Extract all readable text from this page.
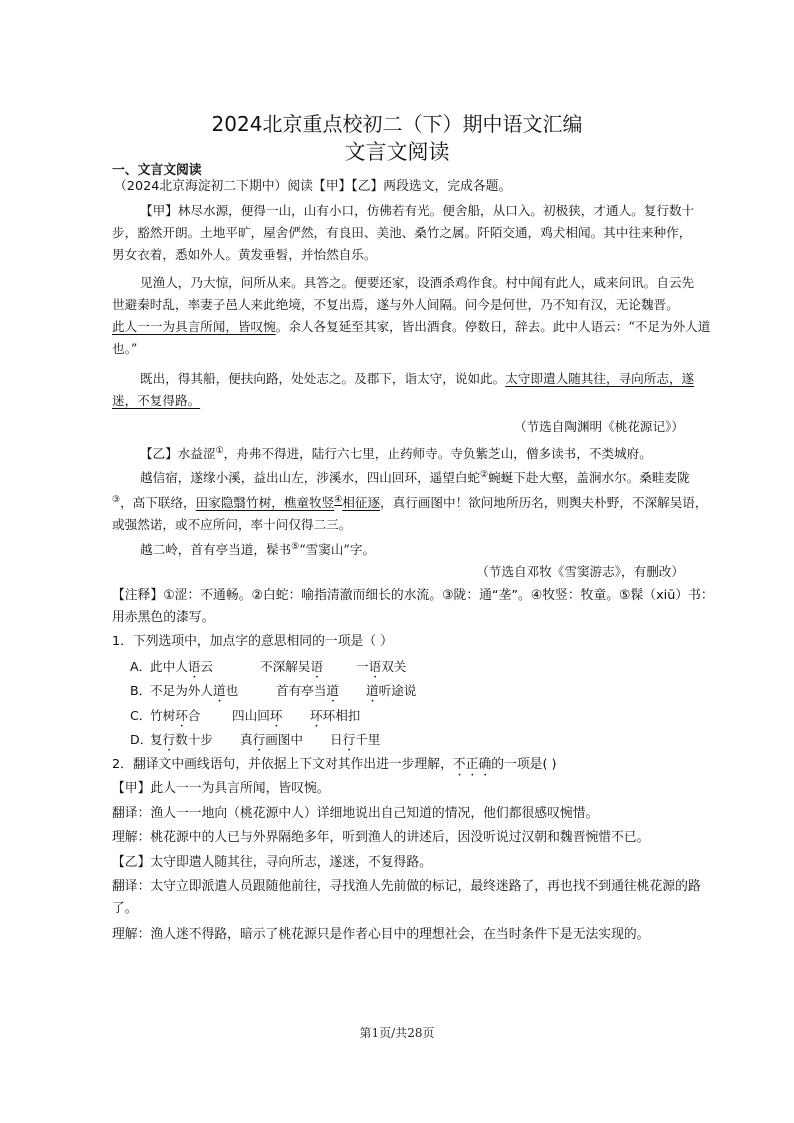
2024北京重点校初二（下）期中语文汇编
文言文阅读
一、文言文阅读
（2024北京海淀初二下期中）阅读【甲】【乙】两段选文，完成各题。
【甲】林尽水源，便得一山，山有小口，仿佛若有光。便舍船，从口入。初极狭，才通人。复行数十
步，豁然开朗。土地平旷，屋舍俨然，有良田、美池、桑竹之属。阡陌交通，鸡犬相闻。其中往来种作，
男女衣着，悉如外人。黄发垂髫，并怡然自乐。
见渔人，乃大惊，问所从来。具答之。便要还家，设酒杀鸡作食。村中闻有此人，咸来问讯。自云先
世避秦时乱，率妻子邑人来此绝境，不复出焉，遂与外人间隔。问今是何世，乃不知有汉，无论魏晋。
此人一一为具言所闻，皆叹惋。余人各复延至其家，皆出酒食。停数日，辞去。此中人语云：“不足为外人道
也。”
既出，得其船，便扶向路，处处志之。及郡下，诣太守，说如此。太守即遣人随其往，寻向所志，遂
迷，不复得路。
（节选自陶渊明《桃花源记》）
【乙】水益涩①，舟弗不得进，陆行六七里，止药师寺。寺负紫芝山，僧多读书，不类城府。
越信宿，遂缘小溪，益出山左，涉溪水，四山回环，遥望白蛇②蜿蜒下赴大壑，盖涧水尔。桑畦麦陇
③，高下联络，田家隐翳竹树，樵童牧竖④相征逐，真行画图中！欲问地所历名，则舆夫朴野，不深解吴语，
或强然诺，或不应所问，率十问仅得二三。
越二岭，首有亭当道，髹书⑤“雪窦山”字。
（节选自邓牧《雪窦游志》，有删改）
【注释】①涩：不通畅。②白蛇：喻指清澈而细长的水流。③陇：通“垄”。④牧竖：牧童。⑤髹（xiū）书：
用赤黑色的漆写。
1．下列选项中，加点字的意思相同的一项是（ ）
A．此中人语云	不深解吴语	一语双关
B．不足为外人道也	首有亭当道 道听途说
C．竹树环合	四山回环 环环相扣
D．复行数十步 真行画图中 日行千里
2．翻译文中画线语句，并依据上下文对其作出进一步理解，不正确的一项是( )
【甲】此人一一为具言所闻，皆叹惋。
翻译：渔人一一地向（桃花源中人）详细地说出自己知道的情况，他们都很感叹惋惜。
理解：桃花源中的人已与外界隔绝多年，听到渔人的讲述后，因没听说过汉朝和魏晋惋惜不已。
【乙】太守即遣人随其往，寻向所志，遂迷，不复得路。
翻译：太守立即派遣人员跟随他前往，寻找渔人先前做的标记，最终迷路了，再也找不到通往桃花源的路
了。
理解：渔人迷不得路，暗示了桃花源只是作者心目中的理想社会，在当时条件下是无法实现的。
第1页/共28页
